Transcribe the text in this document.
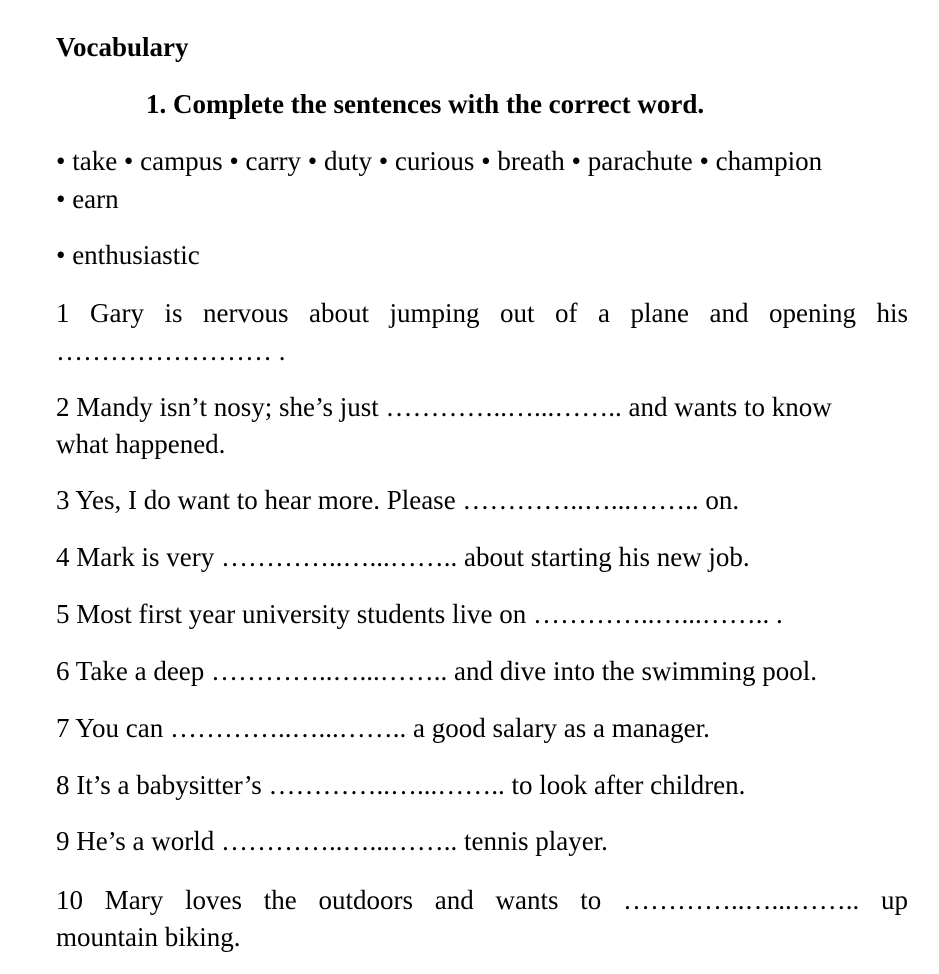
Vocabulary
1. Complete the sentences with the correct word.
• take • campus • carry • duty • curious • breath • parachute • champion
• earn
• enthusiastic
1 Gary is nervous about jumping out of a plane and opening his
…………………… .
2 Mandy isn’t nosy; she’s just …………..…...…….. and wants to know
what happened.
3 Yes, I do want to hear more. Please …………..…...…….. on.
4 Mark is very …………..…...…….. about starting his new job.
5 Most first year university students live on …………..…...…….. .
6 Take a deep …………..…...…….. and dive into the swimming pool.
7 You can …………..…...…….. a good salary as a manager.
8 It’s a babysitter’s …………..…...…….. to look after children.
9 He’s a world …………..…...…….. tennis player.
10 Mary loves the outdoors and wants to …………..…...…….. up
mountain biking.
